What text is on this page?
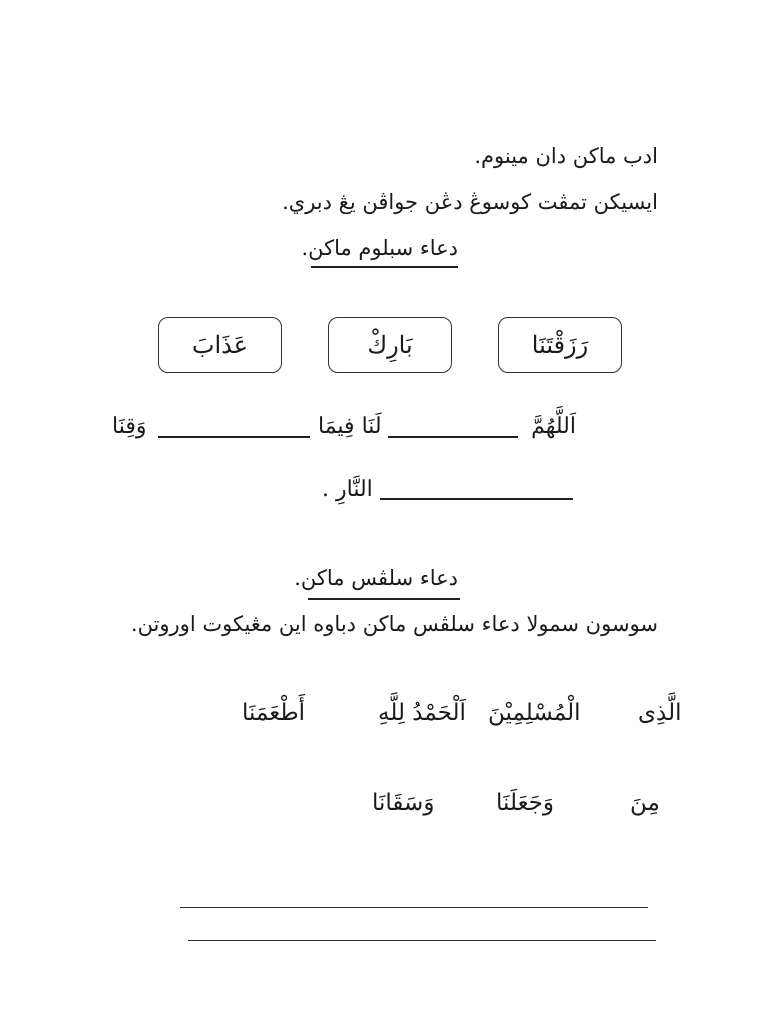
ادب ماکن دان مينوم.
ايسيکن تمڤت کوسوڠ دڠن جواڤن يڠ دبري.
دعاء سبلوم ماکن.
رَزَقْتَنَا
بَارِكْ
عَذَابَ
اَللَّهُمَّ
لَنَا فِيمَا
وَقِنَا
النَّارِ .
دعاء سلڤس ماکن.
سوسون سمولا دعاء سلڤس ماکن دباوه اين مڠيکوت اوروتن.
الَّذِى
الْمُسْلِمِيْنَ
اَلْحَمْدُ لِلَّهِ
أَطْعَمَنَا
مِنَ
وَجَعَلَنَا
وَسَقَانَا
